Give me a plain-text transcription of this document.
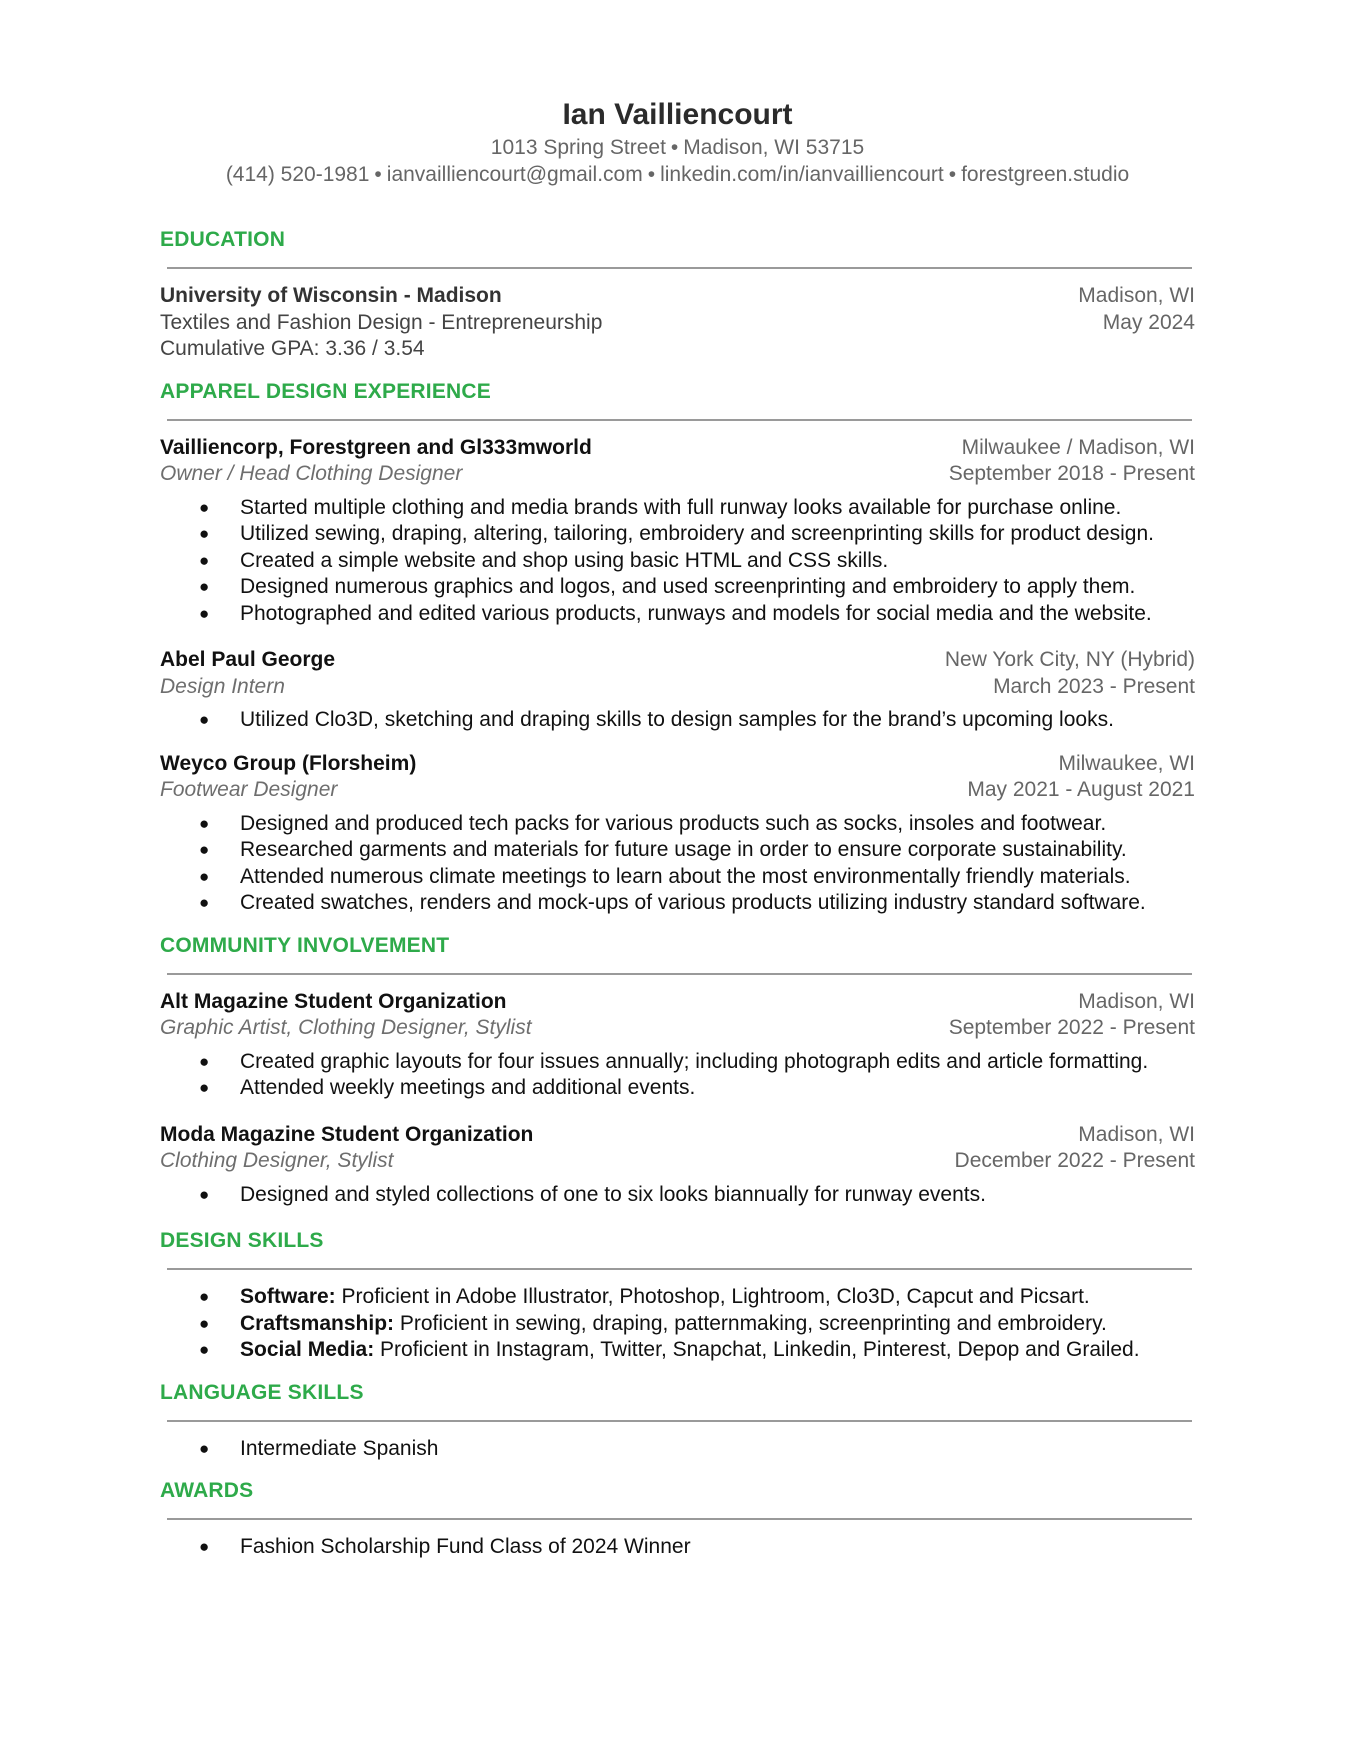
Ian Vailliencourt
1013 Spring Street • Madison, WI 53715
(414) 520-1981 • ianvailliencourt@gmail.com • linkedin.com/in/ianvailliencourt • forestgreen.studio
EDUCATION
University of Wisconsin - Madison	Madison, WI
Textiles and Fashion Design - Entrepreneurship	May 2024
Cumulative GPA: 3.36 / 3.54
APPAREL DESIGN EXPERIENCE
Vailliencorp, Forestgreen and Gl333mworld	Milwaukee / Madison, WI
Owner / Head Clothing Designer	September 2018 - Present
● Started multiple clothing and media brands with full runway looks available for purchase online.
● Utilized sewing, draping, altering, tailoring, embroidery and screenprinting skills for product design.
● Created a simple website and shop using basic HTML and CSS skills.
● Designed numerous graphics and logos, and used screenprinting and embroidery to apply them.
● Photographed and edited various products, runways and models for social media and the website.
Abel Paul George	New York City, NY (Hybrid)
Design Intern	March 2023 - Present
● Utilized Clo3D, sketching and draping skills to design samples for the brand’s upcoming looks.
Weyco Group (Florsheim)	Milwaukee, WI
Footwear Designer	May 2021 - August 2021
● Designed and produced tech packs for various products such as socks, insoles and footwear.
● Researched garments and materials for future usage in order to ensure corporate sustainability.
● Attended numerous climate meetings to learn about the most environmentally friendly materials.
● Created swatches, renders and mock-ups of various products utilizing industry standard software.
COMMUNITY INVOLVEMENT
Alt Magazine Student Organization	Madison, WI
Graphic Artist, Clothing Designer, Stylist	September 2022 - Present
● Created graphic layouts for four issues annually; including photograph edits and article formatting.
● Attended weekly meetings and additional events.
Moda Magazine Student Organization	Madison, WI
Clothing Designer, Stylist	December 2022 - Present
● Designed and styled collections of one to six looks biannually for runway events.
DESIGN SKILLS
● Software: Proficient in Adobe Illustrator, Photoshop, Lightroom, Clo3D, Capcut and Picsart.
● Craftsmanship: Proficient in sewing, draping, patternmaking, screenprinting and embroidery.
● Social Media: Proficient in Instagram, Twitter, Snapchat, Linkedin, Pinterest, Depop and Grailed.
LANGUAGE SKILLS
● Intermediate Spanish
AWARDS
● Fashion Scholarship Fund Class of 2024 Winner
